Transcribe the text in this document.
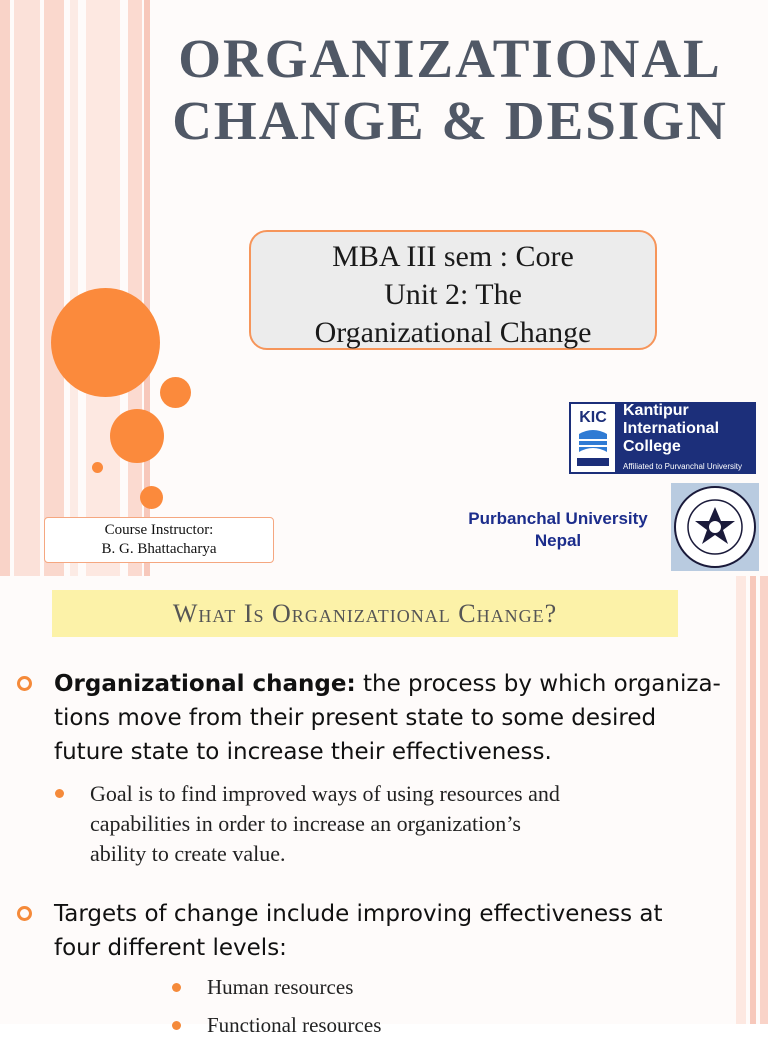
ORGANIZATIONAL
CHANGE & DESIGN
MBA III sem : Core
Unit 2: The
Organizational Change
KIC Kantipur
International
College
Affiliated to Purvanchal University
Purbanchal University
Nepal
Course Instructor:
B. G. Bhattacharya
What Is Organizational Change?
Organizational change: the process by which organiza-
tions move from their present state to some desired
future state to increase their effectiveness.
Goal is to find improved ways of using resources and
capabilities in order to increase an organization’s
ability to create value.
Targets of change include improving effectiveness at
four different levels:
Human resources
Functional resources
